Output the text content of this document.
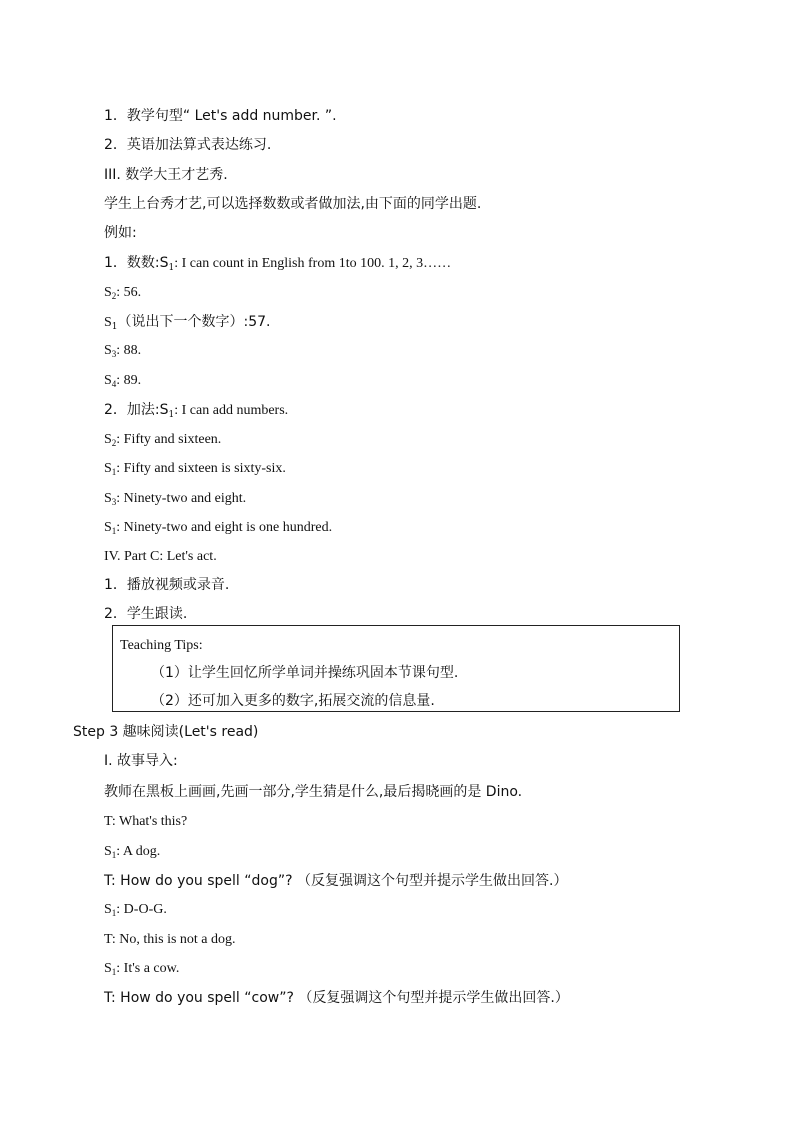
1．教学句型“ Let's add number. ”.
2．英语加法算式表达练习.
III. 数学大王才艺秀.
学生上台秀才艺,可以选择数数或者做加法,由下面的同学出题.
例如:
1．数数$:S_1$: I can count in English from 1to 100. 1, 2, 3……
$S_2$: 56.
$S_1$（说出下一个数字）:57.
$S_3$: 88.
$S_4$: 89.
2．加法$:S_1$: I can add numbers.
$S_2$: Fifty and sixteen.
$S_1$: Fifty and sixteen is sixty-six.
$S_3$: Ninety-two and eight.
$S_1$: Ninety-two and eight is one hundred.
IV. Part C: Let's act.
1．播放视频或录音.
2．学生跟读.
Teaching Tips:
（1）让学生回忆所学单词并操练巩固本节课句型.
（2）还可加入更多的数字,拓展交流的信息量.
Step 3 趣味阅读(Let's read)
I. 故事导入:
教师在黑板上画画,先画一部分,学生猜是什么,最后揭晓画的是 Dino.
T: What's this?
$S_1$: A dog.
T: How do you spell “dog”? （反复强调这个句型并提示学生做出回答.）
$S_1$: D-O-G.
T: No, this is not a dog.
$S_1$: It's a cow.
T: How do you spell “cow”? （反复强调这个句型并提示学生做出回答.）
